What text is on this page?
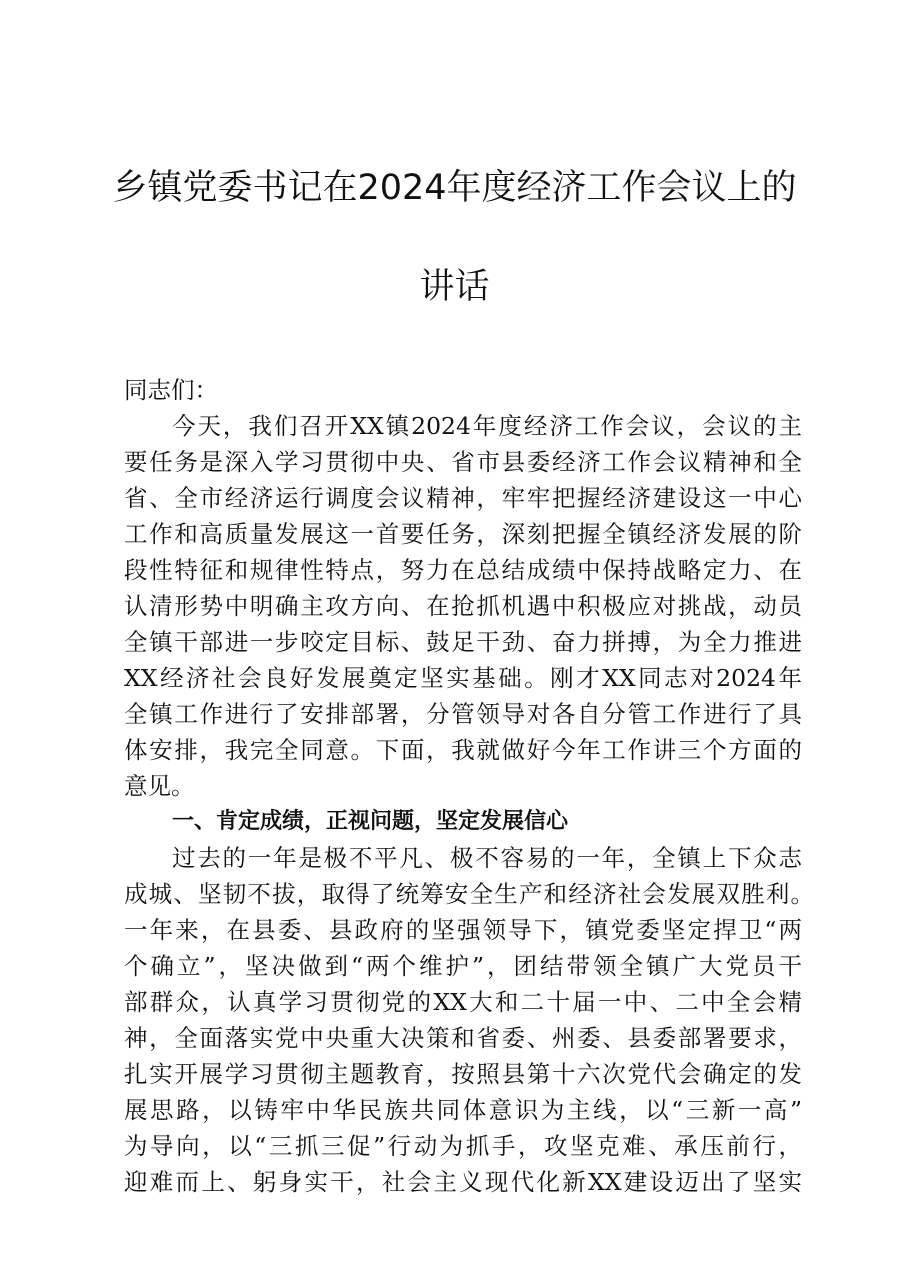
乡镇党委书记在2024年度经济工作会议上的
讲话
同志们：
今天，我们召开XX镇2024年度经济工作会议，会议的主
要任务是深入学习贯彻中央、省市县委经济工作会议精神和全
省、全市经济运行调度会议精神，牢牢把握经济建设这一中心
工作和高质量发展这一首要任务，深刻把握全镇经济发展的阶
段性特征和规律性特点，努力在总结成绩中保持战略定力、在
认清形势中明确主攻方向、在抢抓机遇中积极应对挑战，动员
全镇干部进一步咬定目标、鼓足干劲、奋力拼搏，为全力推进
XX经济社会良好发展奠定坚实基础。刚才XX同志对2024年
全镇工作进行了安排部署，分管领导对各自分管工作进行了具
体安排，我完全同意。下面，我就做好今年工作讲三个方面的
意见。
一、肯定成绩，正视问题，坚定发展信心
过去的一年是极不平凡、极不容易的一年，全镇上下众志
成城、坚韧不拔，取得了统筹安全生产和经济社会发展双胜利。
一年来，在县委、县政府的坚强领导下，镇党委坚定捍卫“两
个确立”，坚决做到“两个维护”，团结带领全镇广大党员干
部群众，认真学习贯彻党的XX大和二十届一中、二中全会精
神，全面落实党中央重大决策和省委、州委、县委部署要求，
扎实开展学习贯彻主题教育，按照县第十六次党代会确定的发
展思路，以铸牢中华民族共同体意识为主线，以“三新一高”
为导向，以“三抓三促”行动为抓手，攻坚克难、承压前行，
迎难而上、躬身实干，社会主义现代化新XX建设迈出了坚实
